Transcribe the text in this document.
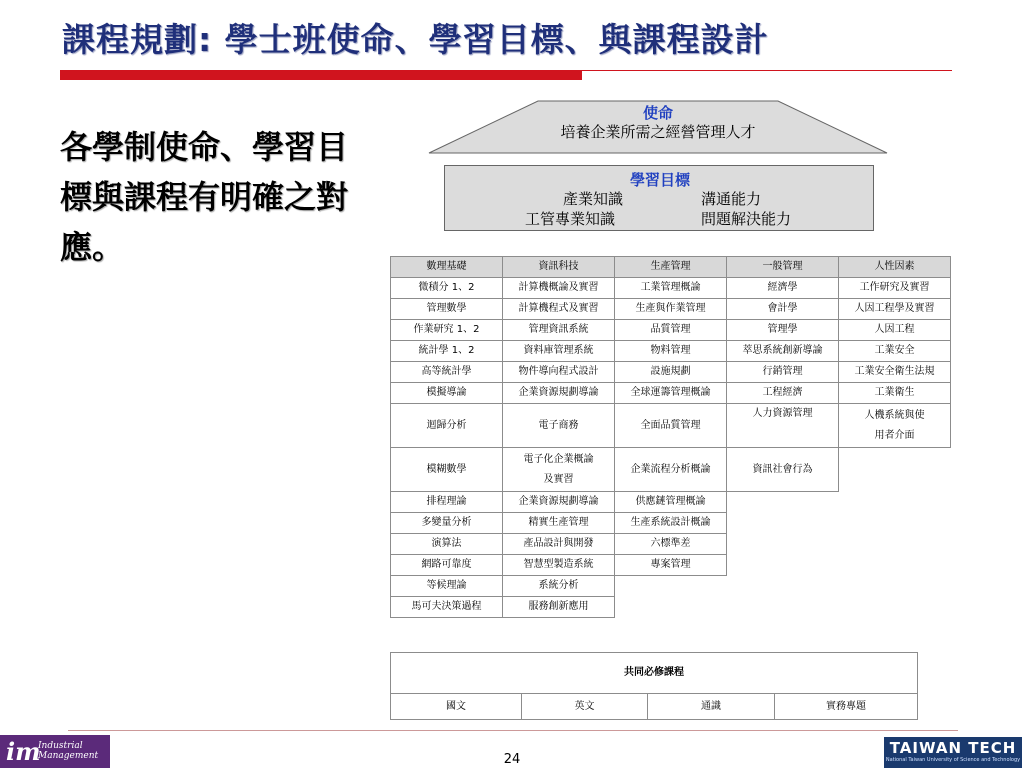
課程規劃: 學士班使命、學習目標、與課程設計
各學制使命、學習目標與課程有明確之對應。
使命
培養企業所需之經營管理人才
學習目標
產業知識	溝通能力
工管專業知識	問題解決能力
數理基礎	資訊科技	生產管理	一般管理	人性因素
微積分 1、2	計算機概論及實習	工業管理概論	經濟學	工作研究及實習
管理數學	計算機程式及實習	生產與作業管理	會計學	人因工程學及實習
作業研究 1、2	管理資訊系統	品質管理	管理學	人因工程
統計學 1、2	資料庫管理系統	物料管理	萃思系統創新導論	工業安全
高等統計學	物件導向程式設計	設施規劃	行銷管理	工業安全衛生法規
模擬導論	企業資源規劃導論	全球運籌管理概論	工程經濟	工業衛生
迴歸分析	電子商務	全面品質管理	人力資源管理	人機系統與使用者介面
模糊數學	電子化企業概論及實習	企業流程分析概論	資訊社會行為	
排程理論	企業資源規劃導論	供應鏈管理概論		
多變量分析	精實生產管理	生產系統設計概論		
演算法	產品設計與開發	六標準差		
網路可靠度	智慧型製造系統	專案管理		
等候理論	系統分析			
馬可夫決策過程	服務創新應用			
共同必修課程
國文	英文	通識	實務專題
im
Industrial Management	24
TAIWAN TECH
National Taiwan University of Science and Technology
